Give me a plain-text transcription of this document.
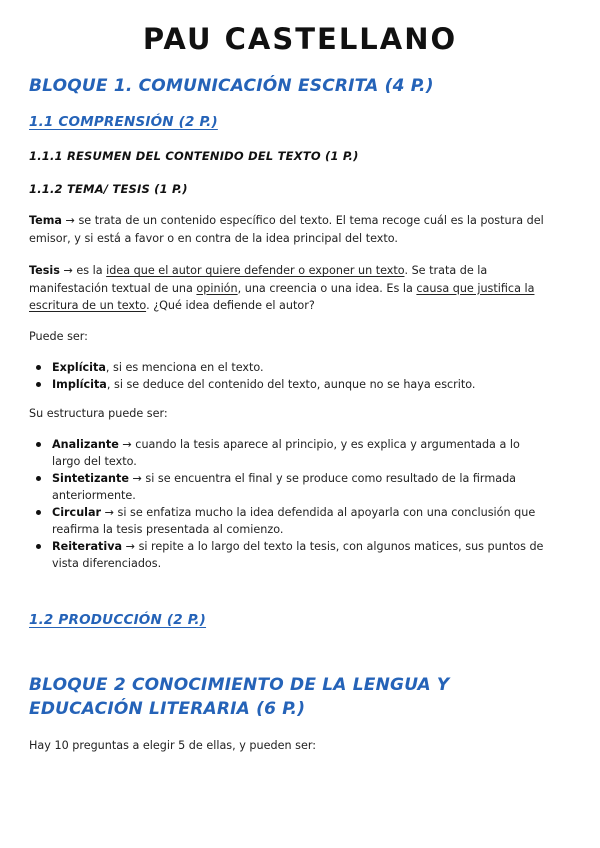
PAU CASTELLANO
BLOQUE 1. COMUNICACIÓN ESCRITA (4 P.)
1.1 COMPRENSIÓN (2 P.)
1.1.1 RESUMEN DEL CONTENIDO DEL TEXTO (1 P.)
1.1.2 TEMA/ TESIS (1 P.)
Tema → se trata de un contenido específico del texto. El tema recoge cuál es la postura del emisor, y si está a favor o en contra de la idea principal del texto.
Tesis → es la idea que el autor quiere defender o exponer un texto. Se trata de la manifestación textual de una opinión, una creencia o una idea. Es la causa que justifica la escritura de un texto. ¿Qué idea defiende el autor?
Puede ser:
Explícita, si es menciona en el texto.
Implícita, si se deduce del contenido del texto, aunque no se haya escrito.
Su estructura puede ser:
Analizante → cuando la tesis aparece al principio, y es explica y argumentada a lo largo del texto.
Sintetizante → si se encuentra el final y se produce como resultado de la firmada anteriormente.
Circular → si se enfatiza mucho la idea defendida al apoyarla con una conclusión que reafirma la tesis presentada al comienzo.
Reiterativa → si repite a lo largo del texto la tesis, con algunos matices, sus puntos de vista diferenciados.
1.2 PRODUCCIÓN (2 P.)
BLOQUE 2 CONOCIMIENTO DE LA LENGUA Y EDUCACIÓN LITERARIA (6 P.)
Hay 10 preguntas a elegir 5 de ellas, y pueden ser:
